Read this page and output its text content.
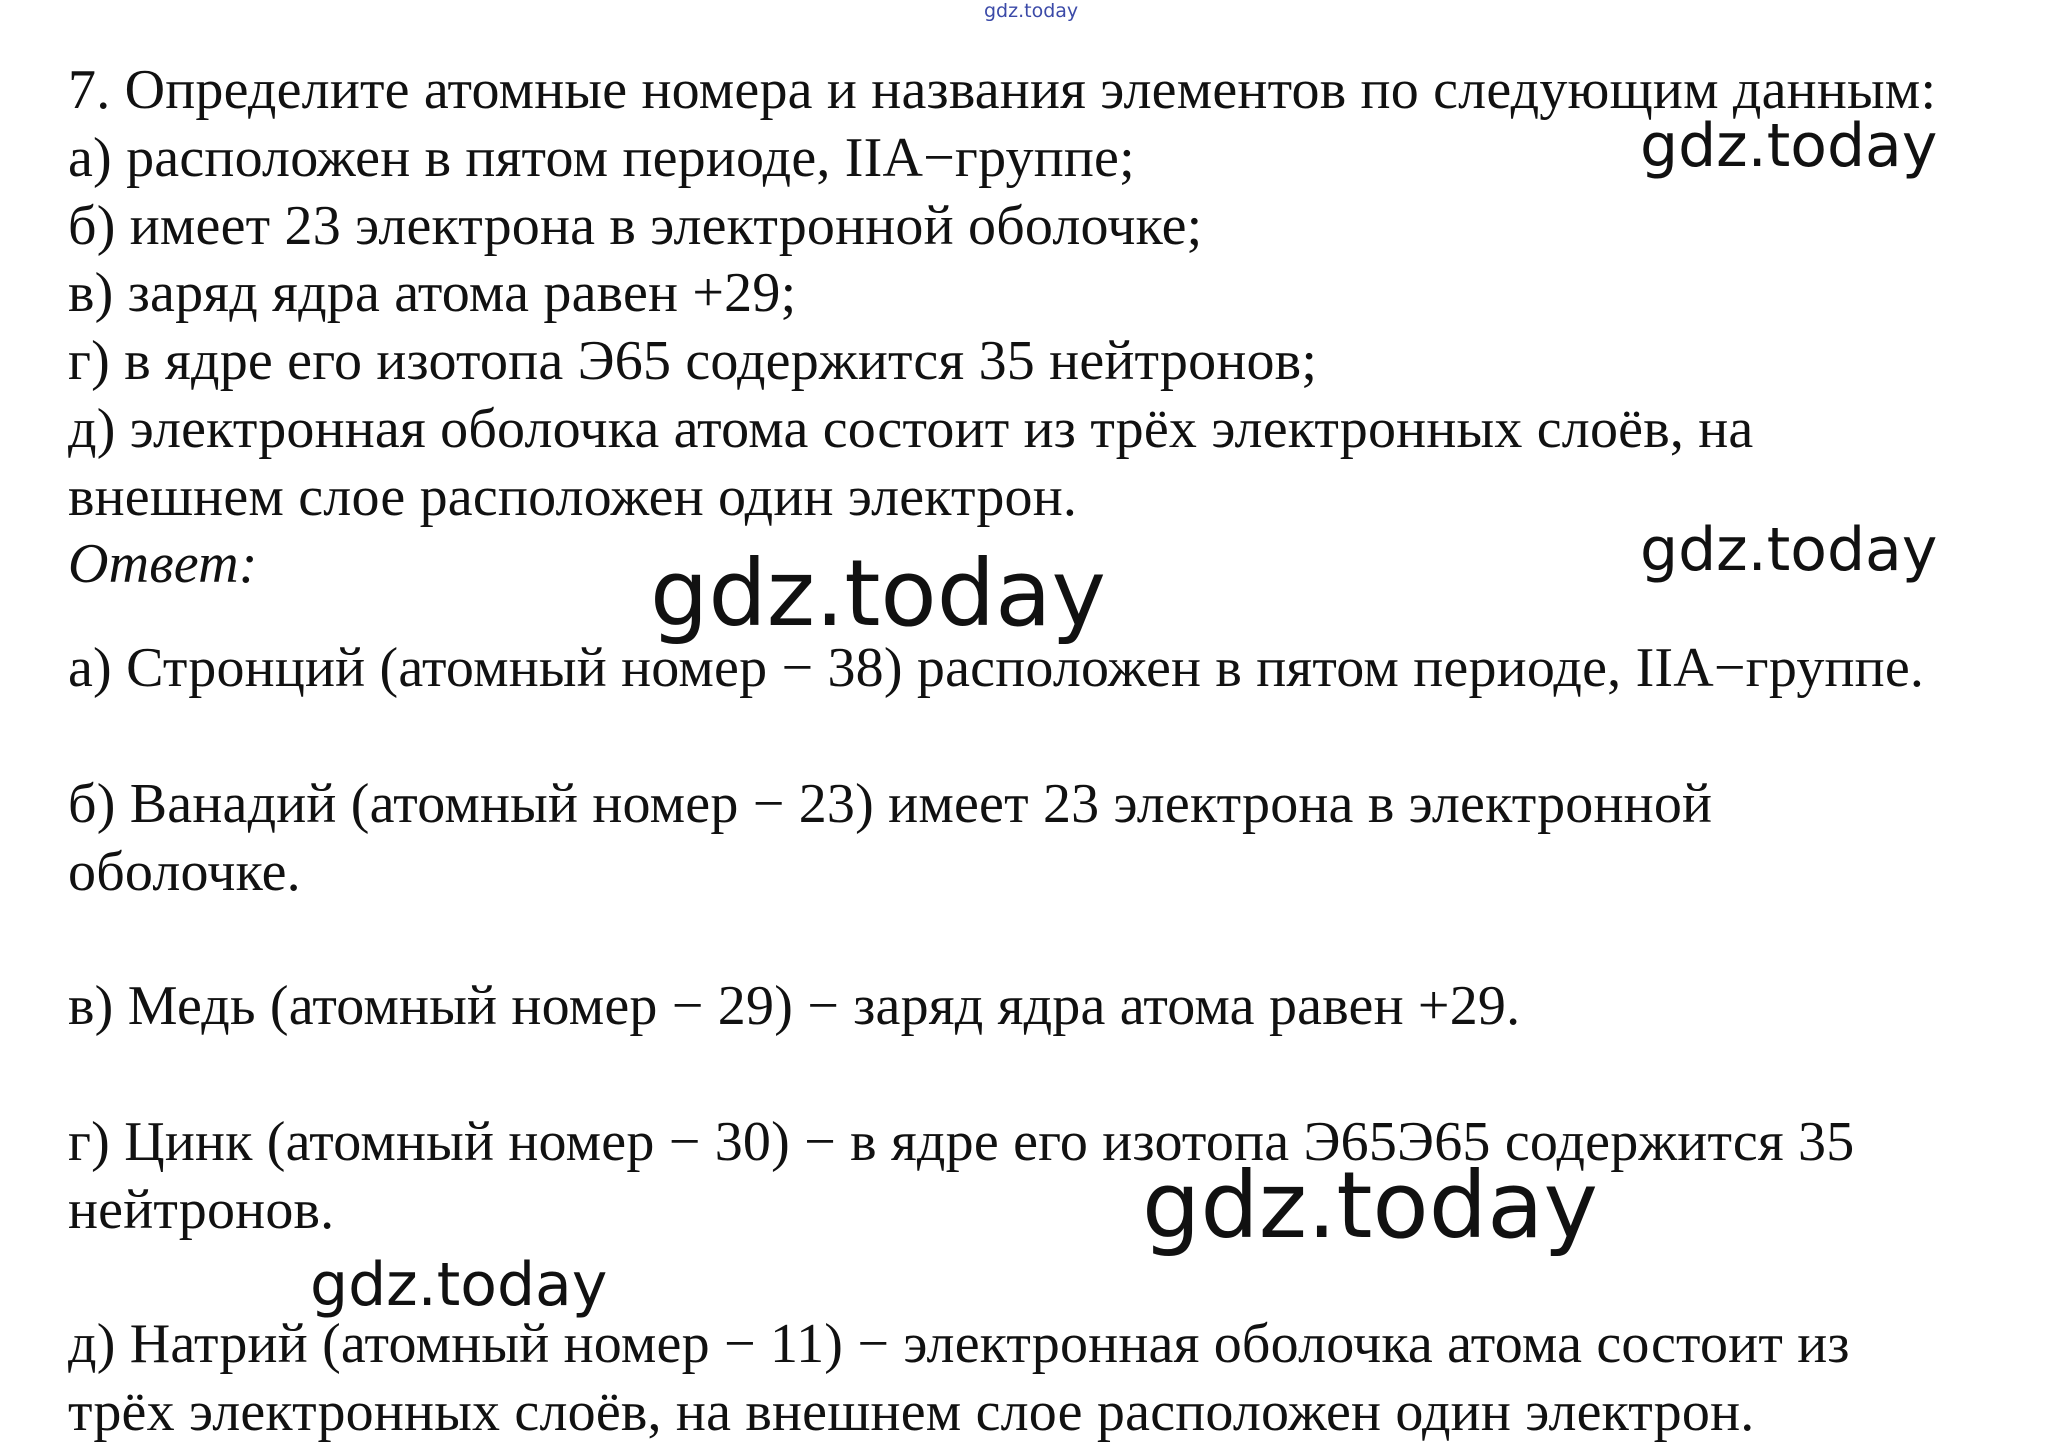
gdz.today
7. Определите атомные номера и названия элементов по следующим данным:
а) расположен в пятом периоде, IIA−группе;
б) имеет 23 электрона в электронной оболочке;
в) заряд ядра атома равен +29;
г) в ядре его изотопа Э65 содержится 35 нейтронов;
д) электронная оболочка атома состоит из трёх электронных слоёв, на
внешнем слое расположен один электрон.
Ответ:
а) Стронций (атомный номер − 38) расположен в пятом периоде, IIA−группе.
б) Ванадий (атомный номер − 23) имеет 23 электрона в электронной
оболочке.
в) Медь (атомный номер − 29) − заряд ядра атома равен +29.
г) Цинк (атомный номер − 30) − в ядре его изотопа Э65Э65 содержится 35
нейтронов.
д) Натрий (атомный номер − 11) − электронная оболочка атома состоит из
трёх электронных слоёв, на внешнем слое расположен один электрон.
gdz.today
gdz.today
gdz.today
gdz.today
gdz.today
